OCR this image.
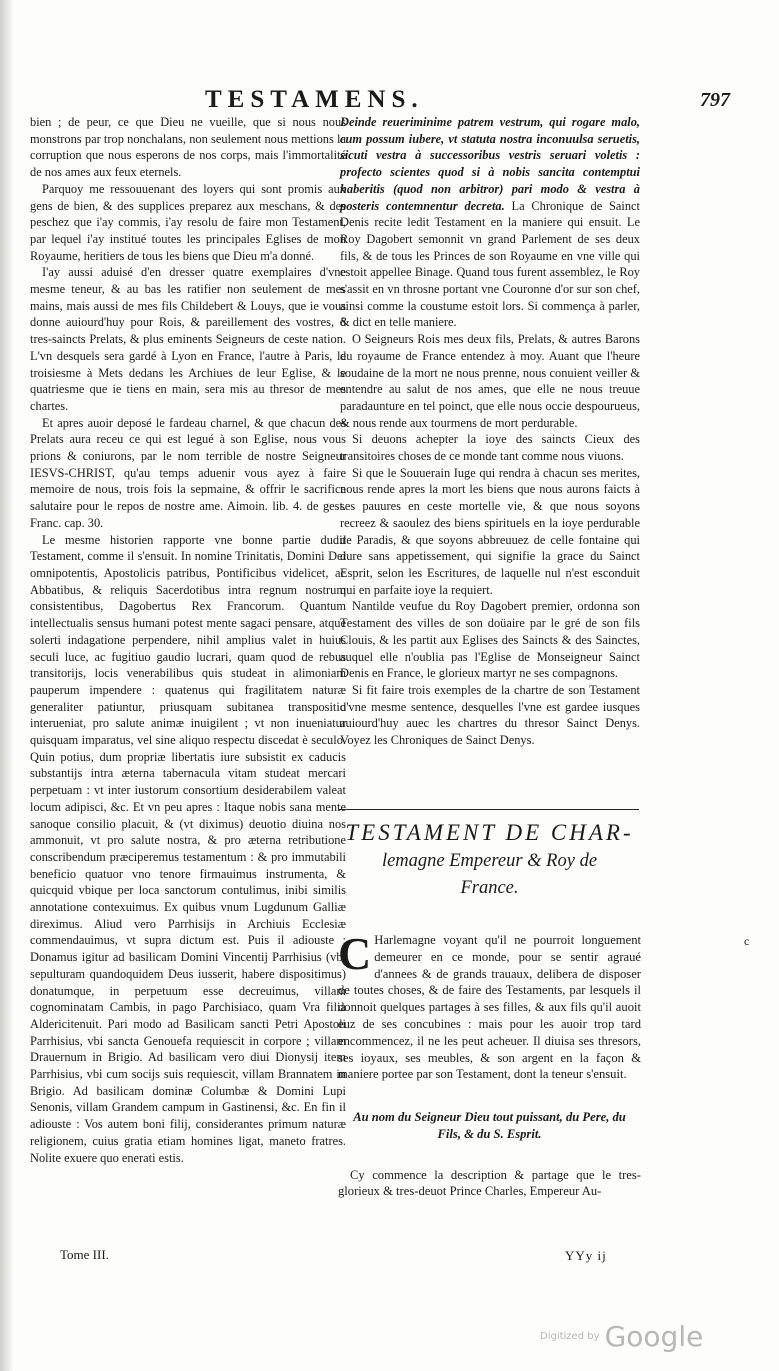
TESTAMENS.	797

bien ; de peur, ce que Dieu ne vueille, que si nous nous monstrons par trop nonchalans, non seulement nous mettions la corruption que nous esperons de nos corps, mais l'immortalité de nos ames aux feux eternels.

Parquoy me ressouuenant des loyers qui sont promis aux gens de bien, & des supplices preparez aux meschans, & des peschez que i'ay commis, i'ay resolu de faire mon Testament, par lequel i'ay institué toutes les principales Eglises de mon Royaume, heritiers de tous les biens que Dieu m'a donné.

I'ay aussi aduisé d'en dresser quatre exemplaires d'vne mesme teneur, & au bas les ratifier non seulement de mes mains, mais aussi de mes fils Childebert & Louys, que ie vous donne auiourd'huy pour Rois, & pareillement des vostres, ô tres-saincts Prelats, & plus eminents Seigneurs de ceste nation. L'vn desquels sera gardé à Lyon en France, l'autre à Paris, le troisiesme à Mets dedans les Archiues de leur Eglise, & le quatriesme que ie tiens en main, sera mis au thresor de mes chartes.

Et apres auoir deposé le fardeau charnel, & que chacun des Prelats aura receu ce qui est legué à son Eglise, nous vous prions & coniurons, par le nom terrible de nostre Seigneur IESVS-CHRIST, qu'au temps aduenir vous ayez à faire memoire de nous, trois fois la sepmaine, & offrir le sacrifice salutaire pour le repos de nostre ame. Aimoin. lib. 4. de gest. Franc. cap. 30.

Le mesme historien rapporte vne bonne partie dudit Testament, comme il s'ensuit. In nomine Trinitatis, Domini Dei omnipotentis, Apostolicis patribus, Pontificibus videlicet, ac Abbatibus, & reliquis Sacerdotibus intra regnum nostrum consistentibus, Dagobertus Rex Francorum. Quantum intellectualis sensus humani potest mente sagaci pensare, atque solerti indagatione perpendere, nihil amplius valet in huius seculi luce, ac fugitiuo gaudio lucrari, quam quod de rebus transitorijs, locis venerabilibus quis studeat in alimoniam pauperum impendere : quatenus qui fragilitatem naturæ generaliter patiuntur, priusquam subitanea transpositio interueniat, pro salute animæ inuigilent ; vt non inueniatur quisquam imparatus, vel sine aliquo respectu discedat è seculo. Quin potius, dum propriæ libertatis iure subsistit ex caducis substantijs intra æterna tabernacula vitam studeat mercari perpetuam : vt inter iustorum consortium desiderabilem valeat locum adipisci, &c. Et vn peu apres : Itaque nobis sana mente sanoque consilio placuit, & (vt diximus) deuotio diuina nos ammonuit, vt pro salute nostra, & pro æterna retributione conscribendum præciperemus testamentum : & pro immutabili beneficio quatuor vno tenore firmauimus instrumenta, & quicquid vbique per loca sanctorum contulimus, inibi similis annotatione contexuimus. Ex quibus vnum Lugdunum Galliæ direximus. Aliud vero Parrhisijs in Archiuis Ecclesiæ commendauimus, vt supra dictum est. Puis il adiouste : Donamus igitur ad basilicam Domini Vincentij Parrhisius (vbi sepulturam quandoquidem Deus iusserit, habere dispositimus) donatumque, in perpetuum esse decreuimus, villam cognominatam Cambis, in pago Parchisiaco, quam Vra filia Aldericitenuit. Pari modo ad Basilicam sancti Petri Apostoli Parrhisius, vbi sancta Genouefa requiescit in corpore ; villam Drauernum in Brigio. Ad basilicam vero diui Dionysij item Parrhisius, vbi cum socijs suis requiescit, villam Brannatem in Brigio. Ad basilicam dominæ Columbæ & Domini Lupi Senonis, villam Grandem campum in Gastinensi, &c. En fin il adiouste : Vos autem boni filij, considerantes primum naturæ religionem, cuius gratia etiam homines ligat, maneto fratres. Nolite exuere quo enerati estis.

Deinde reueriminime patrem vestrum, qui rogare malo, cum possum iubere, vt statuta nostra inconuulsa seruetis, sicuti vestra à successoribus vestris seruari voletis : profecto scientes quod si à nobis sancita contemptui haberitis (quod non arbitror) pari modo & vestra à posteris contemnentur decreta. La Chronique de Sainct Denis recite ledit Testament en la maniere qui ensuit. Le Roy Dagobert semonnit vn grand Parlement de ses deux fils, & de tous les Princes de son Royaume en vne ville qui estoit appellee Binage. Quand tous furent assemblez, le Roy s'assit en vn throsne portant vne Couronne d'or sur son chef, ainsi comme la coustume estoit lors. Si commença à parler, & dict en telle maniere.

O Seigneurs Rois mes deux fils, Prelats, & autres Barons du royaume de France entendez à moy. Auant que l'heure soudaine de la mort ne nous prenne, nous conuient veiller & entendre au salut de nos ames, que elle ne nous treuue paradaunture en tel poinct, que elle nous occie despourueus, & nous rende aux tourmens de mort perdurable.

Si deuons achepter la ioye des saincts Cieux des transitoires choses de ce monde tant comme nous viuons.

Si que le Souuerain Iuge qui rendra à chacun ses merites, nous rende apres la mort les biens que nous aurons faicts à ses pauures en ceste mortelle vie, & que nous soyons recreez & saoulez des biens spirituels en la ioye perdurable de Paradis, & que soyons abbreuuez de celle fontaine qui dure sans appetissement, qui signifie la grace du Sainct Esprit, selon les Escritures, de laquelle nul n'est esconduit qui en parfaite ioye la requiert.

Nantilde veufue du Roy Dagobert premier, ordonna son Testament des villes de son doüaire par le gré de son fils Clouis, & les partit aux Eglises des Saincts & des Sainctes, auquel elle n'oublia pas l'Eglise de Monseigneur Sainct Denis en France, le glorieux martyr ne ses compagnons.

Si fit faire trois exemples de la chartre de son Testament d'vne mesme sentence, desquelles l'vne est gardee iusques auiourd'huy auec les chartres du thresor Sainct Denys. Voyez les Chroniques de Sainct Denys.

TESTAMENT DE CHAR-
lemagne Empereur & Roy de
France.
C Harlemagne voyant qu'il ne pourroit longuement demeurer en ce monde, pour se sentir agraué d'annees & de grands trauaux, delibera de disposer de toutes choses, & de faire des Testaments, par lesquels il donnoit quelques partages à ses filles, & aux fils qu'il auoit euz de ses concubines : mais pour les auoir trop tard encommencez, il ne les peut acheuer. Il diuisa ses thresors, ses ioyaux, ses meubles, & son argent en la façon & maniere portee par son Testament, dont la teneur s'ensuit.
Au nom du Seigneur Dieu tout puissant, du Pere, du Fils, & du S. Esprit.
Cy commence la description & partage que le tres-glorieux & tres-deuot Prince Charles, Empereur Au-
c
Tome III.	YYy ij
Digitized by Google
